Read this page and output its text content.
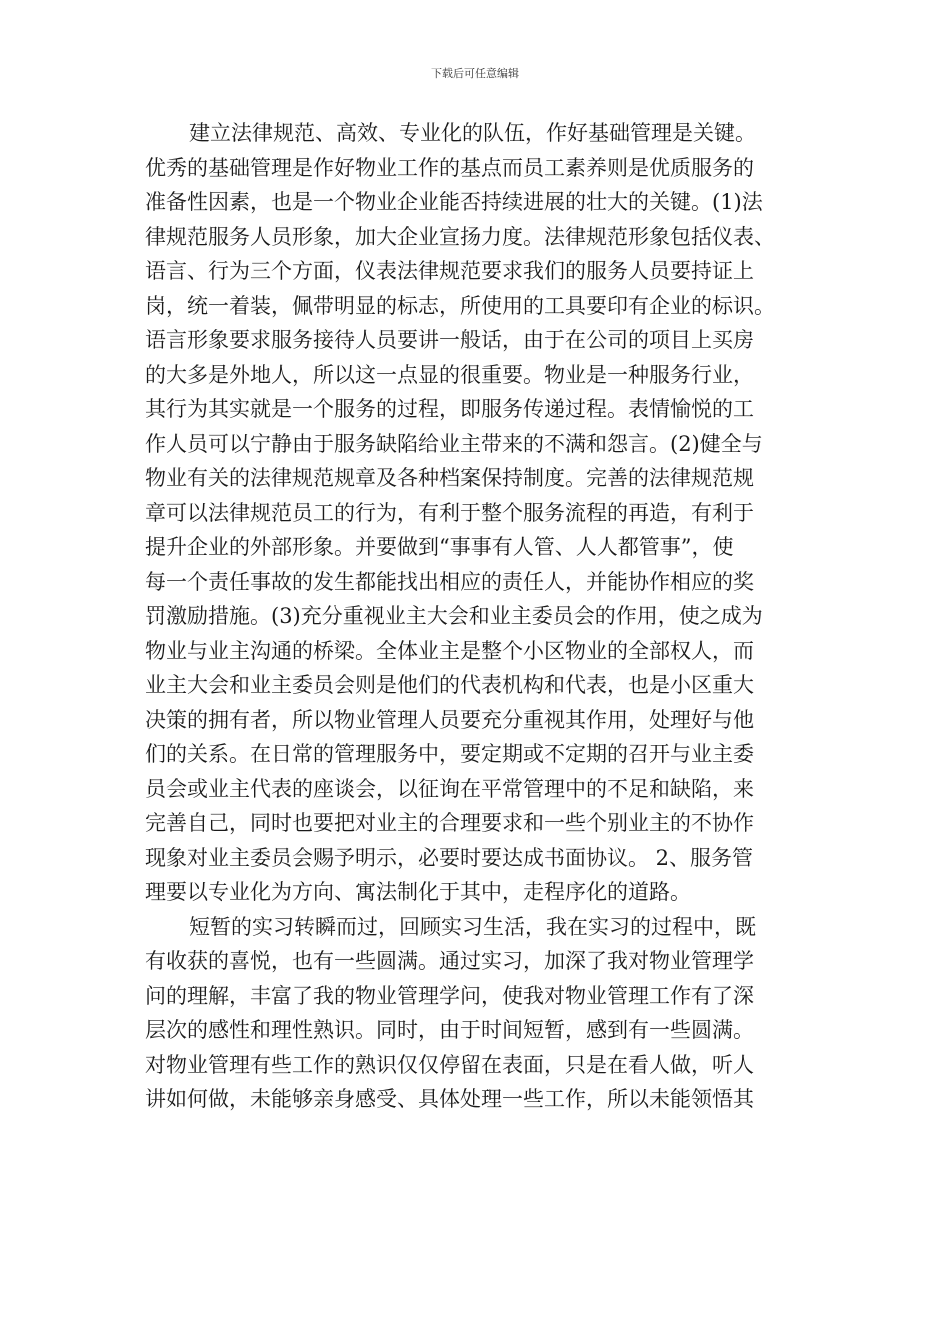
下载后可任意编辑

建立法律规范、高效、专业化的队伍，作好基础管理是关键。
优秀的基础管理是作好物业工作的基点而员工素养则是优质服务的
准备性因素，也是一个物业企业能否持续进展的壮大的关键。(1)法
律规范服务人员形象，加大企业宣扬力度。法律规范形象包括仪表、
语言、行为三个方面，仪表法律规范要求我们的服务人员要持证上
岗，统一着装，佩带明显的标志，所使用的工具要印有企业的标识。
语言形象要求服务接待人员要讲一般话，由于在公司的项目上买房
的大多是外地人，所以这一点显的很重要。物业是一种服务行业，
其行为其实就是一个服务的过程，即服务传递过程。表情愉悦的工
作人员可以宁静由于服务缺陷给业主带来的不满和怨言。(2)健全与
物业有关的法律规范规章及各种档案保持制度。完善的法律规范规
章可以法律规范员工的行为，有利于整个服务流程的再造，有利于
提升企业的外部形象。并要做到“事事有人管、人人都管事”，使
每一个责任事故的发生都能找出相应的责任人，并能协作相应的奖
罚激励措施。(3)充分重视业主大会和业主委员会的作用，使之成为
物业与业主沟通的桥梁。全体业主是整个小区物业的全部权人，而
业主大会和业主委员会则是他们的代表机构和代表，也是小区重大
决策的拥有者，所以物业管理人员要充分重视其作用，处理好与他
们的关系。在日常的管理服务中，要定期或不定期的召开与业主委
员会或业主代表的座谈会，以征询在平常管理中的不足和缺陷，来
完善自己，同时也要把对业主的合理要求和一些个别业主的不协作
现象对业主委员会赐予明示，必要时要达成书面协议。 2、服务管
理要以专业化为方向、寓法制化于其中，走程序化的道路。

短暂的实习转瞬而过，回顾实习生活，我在实习的过程中，既
有收获的喜悦，也有一些圆满。通过实习，加深了我对物业管理学
问的理解，丰富了我的物业管理学问，使我对物业管理工作有了深
层次的感性和理性熟识。同时，由于时间短暂，感到有一些圆满。
对物业管理有些工作的熟识仅仅停留在表面，只是在看人做，听人
讲如何做，未能够亲身感受、具体处理一些工作，所以未能领悟其
